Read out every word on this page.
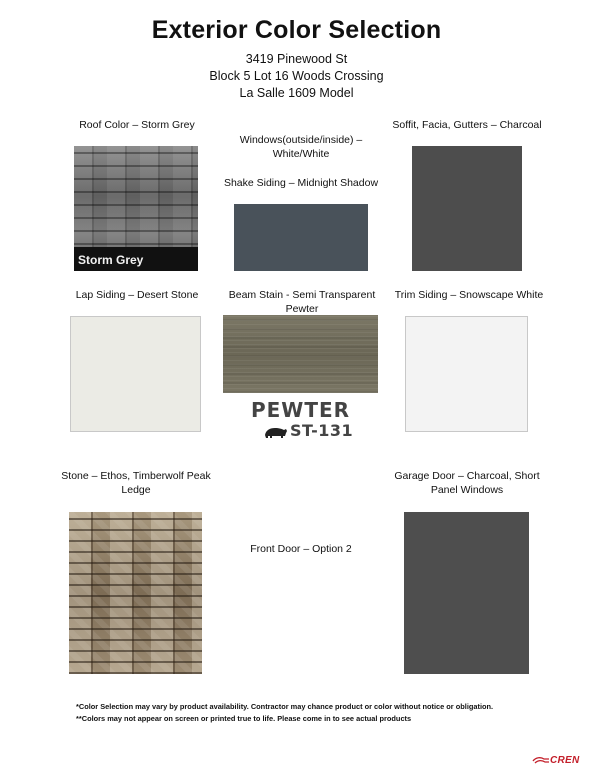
Exterior Color Selection
3419 Pinewood St
Block 5 Lot 16 Woods Crossing
La Salle 1609 Model
Roof Color – Storm Grey
Storm Grey
Windows(outside/inside) – White/White
Shake Siding – Midnight Shadow
Soffit, Facia, Gutters – Charcoal
Lap Siding – Desert Stone	Beam Stain - Semi Transparent Pewter
PEWTER
ST-131
Trim Siding – Snowscape White
Stone – Ethos, Timberwolf Peak Ledge
Front Door – Option 2
Garage Door – Charcoal, Short Panel Windows
*Color Selection may vary by product availability. Contractor may chance product or color without notice or obligation.
**Colors may not appear on screen or printed true to life. Please come in to see actual products
CREN
